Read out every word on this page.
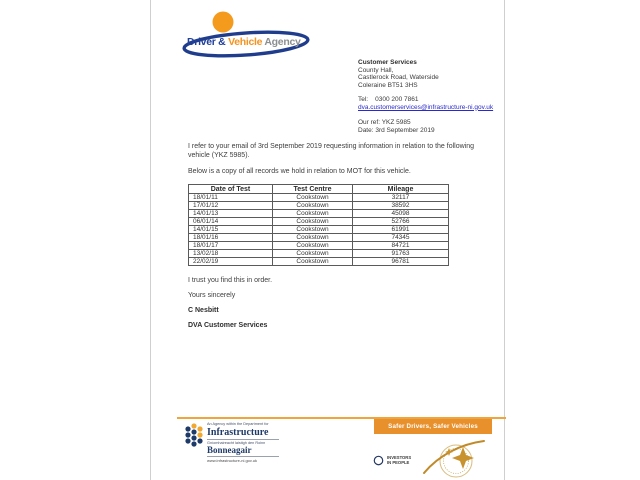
Driver & Vehicle Agency
Customer Services
County Hall,
Castlerock Road, Waterside
Coleraine BT51 3HS
Tel: 0300 200 7861
dva.customerservices@infrastructure-ni.gov.uk
Our ref: YKZ 5985
Date: 3rd September 2019

I refer to your email of 3rd September 2019 requesting information in relation to the following vehicle (YKZ 5985).

Below is a copy of all records we hold in relation to MOT for this vehicle.

Date of Test	Test Centre	Mileage
18/01/11	Cookstown	32117
17/01/12	Cookstown	38592
14/01/13	Cookstown	45098
06/01/14	Cookstown	52766
14/01/15	Cookstown	61991
18/01/16	Cookstown	74345
18/01/17	Cookstown	84721
13/02/18	Cookstown	91763
22/02/19	Cookstown	96781
I trust you find this in order.
Yours sincerely
C Nesbitt
DVA Customer Services
Safer Drivers, Safer Vehicles
An Agency within the Department for
Infrastructure
Gníomhaireacht laistigh den Roinn
Bonneagair
www.infrastructure-ni.gov.uk
INVESTORS
IN PEOPLE
